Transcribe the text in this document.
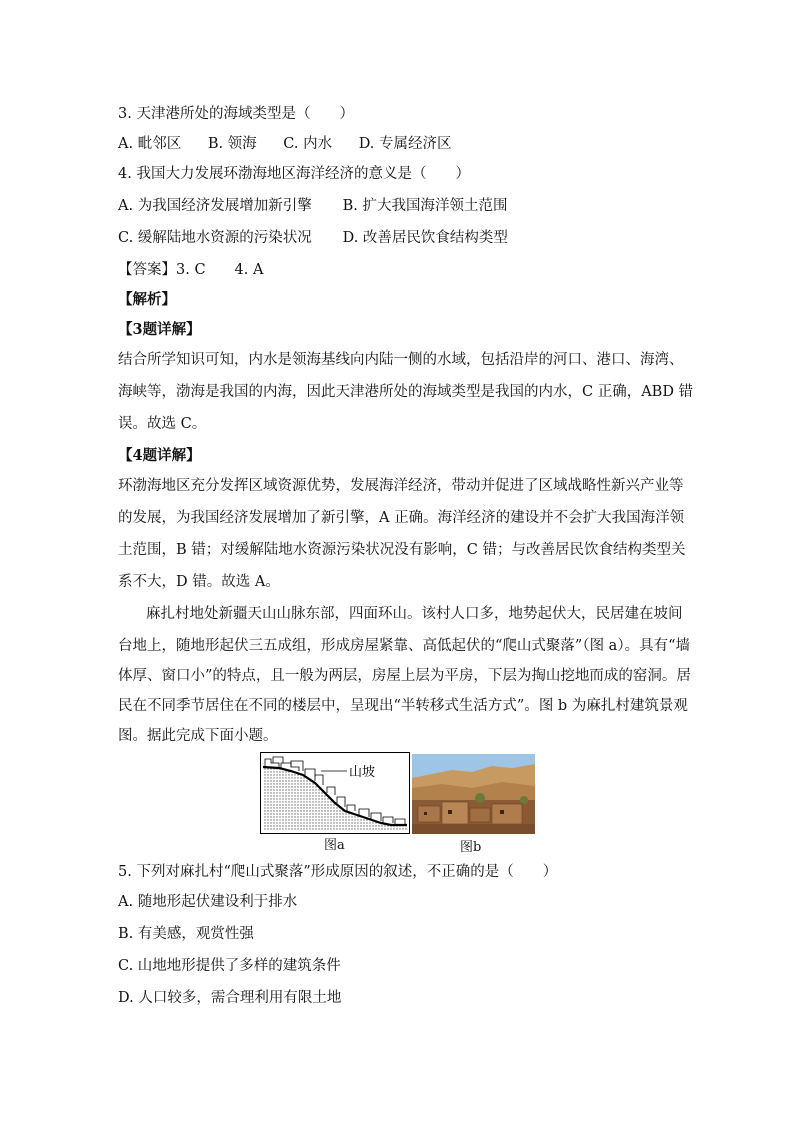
3. 天津港所处的海域类型是（　　）
A. 毗邻区 B. 领海 C. 内水 D. 专属经济区
4. 我国大力发展环渤海地区海洋经济的意义是（　　）
A. 为我国经济发展增加新引擎 B. 扩大我国海洋领土范围
C. 缓解陆地水资源的污染状况 D. 改善居民饮食结构类型
【答案】3. C　　4. A
【解析】
【3题详解】
结合所学知识可知，内水是领海基线向内陆一侧的水域，包括沿岸的河口、港口、海湾、
海峡等，渤海是我国的内海，因此天津港所处的海域类型是我国的内水，C 正确，ABD 错
误。故选 C。
【4题详解】
环渤海地区充分发挥区域资源优势，发展海洋经济，带动并促进了区域战略性新兴产业等
的发展，为我国经济发展增加了新引擎，A 正确。海洋经济的建设并不会扩大我国海洋领
土范围，B 错；对缓解陆地水资源污染状况没有影响，C 错；与改善居民饮食结构类型关
系不大，D 错。故选 A。
麻扎村地处新疆天山山脉东部，四面环山。该村人口多，地势起伏大，民居建在坡间
台地上，随地形起伏三五成组，形成房屋紧靠、高低起伏的“爬山式聚落”（图 a）。具有“墙
体厚、窗口小”的特点，且一般为两层，房屋上层为平房，下层为掏山挖地而成的窑洞。居
民在不同季节居住在不同的楼层中，呈现出“半转移式生活方式”。图 b 为麻扎村建筑景观
图。据此完成下面小题。
山坡
图a	图b
5. 下列对麻扎村“爬山式聚落”形成原因的叙述，不正确的是（　　）
A. 随地形起伏建设利于排水
B. 有美感，观赏性强
C. 山地地形提供了多样的建筑条件
D. 人口较多，需合理利用有限土地
